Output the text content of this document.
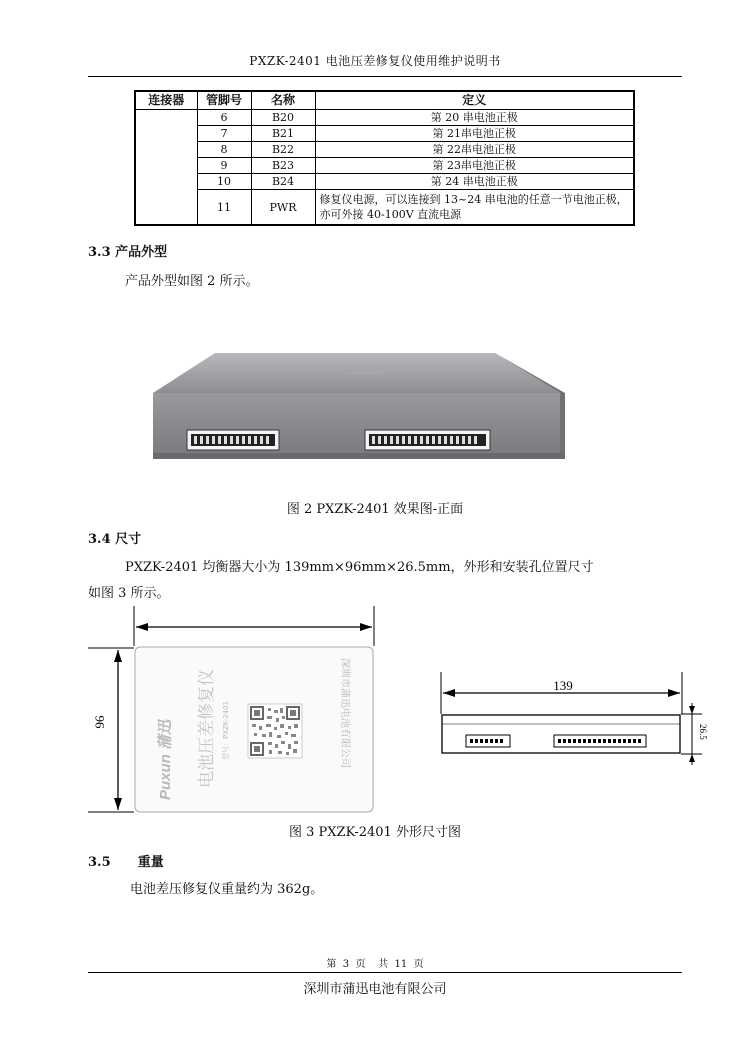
PXZK-2401 电池压差修复仪使用维护说明书
连接器	管脚号	名称	定义
	6	B20	第 20 串电池正极
	7	B21	第 21串电池正极
	8	B22	第 22串电池正极
	9	B23	第 23串电池正极
	10	B24	第 24 串电池正极
	11	PWR	修复仪电源，可以连接到 13~24 串电池的任意一节电池正极，亦可外接 40-100V 直流电源
3.3 产品外型
产品外型如图 2 所示。
图 2 PXZK-2401 效果图-正面
3.4 尺寸
PXZK-2401 均衡器大小为 139mm×96mm×26.5mm，外形和安装孔位置尺寸
如图 3 所示。
96	Puxun 蒲迅 电池压差修复仪 型号：PXZK-2401	深圳市蒲迅电池有限公司	139
26.5
图 3 PXZK-2401 外形尺寸图
3.5      重量
电池差压修复仪重量约为 362g。
第  3  页    共  11  页
深圳市蒲迅电池有限公司
